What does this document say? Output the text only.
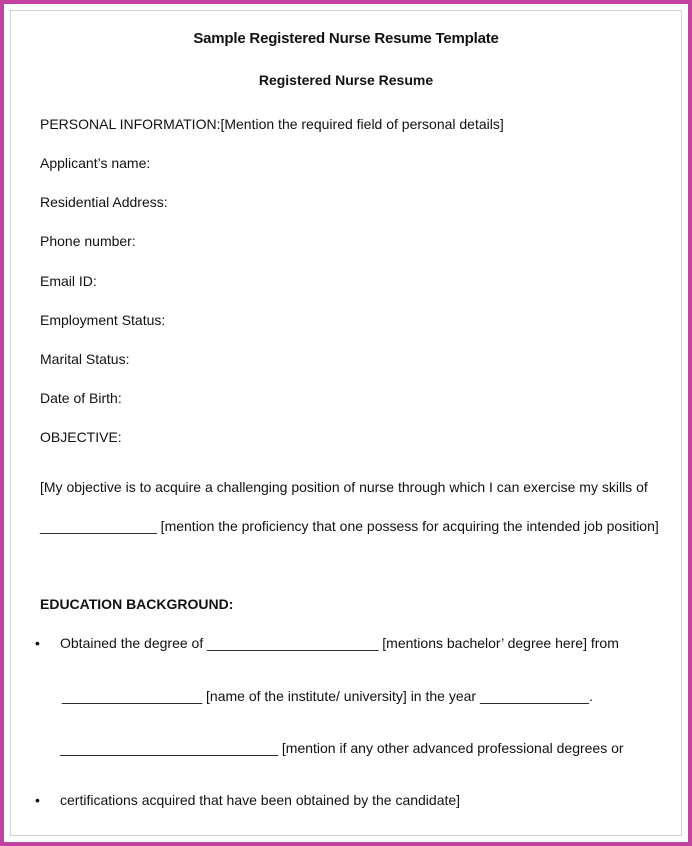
Sample Registered Nurse Resume Template
Registered Nurse Resume
PERSONAL INFORMATION:[Mention the required field of personal details]
Applicant’s name:
Residential Address:
Phone number:
Email ID:
Employment Status:
Marital Status:
Date of Birth:
OBJECTIVE:
[My objective is to acquire a challenging position of nurse through which I can exercise my skills of
_______________ [mention the proficiency that one possess for acquiring the intended job position]
EDUCATION BACKGROUND:
• Obtained the degree of ______________________ [mentions bachelor’ degree here] from
__________________ [name of the institute/ university] in the year ______________.
____________________________ [mention if any other advanced professional degrees or
• certifications acquired that have been obtained by the candidate]
